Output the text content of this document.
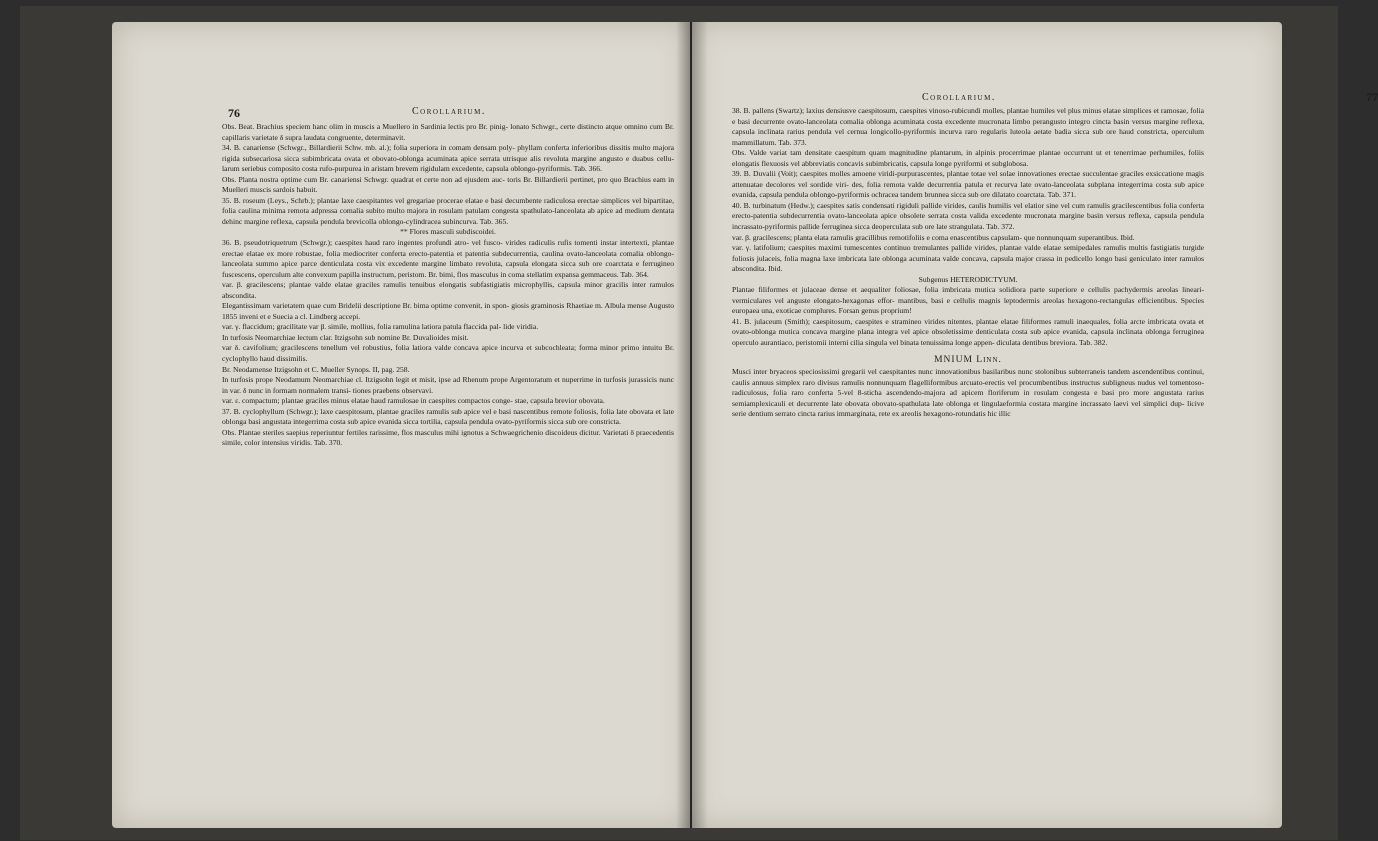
76	Corollarium.

Obs. Beat. Brachius speciem hanc olim in muscis a Muellero in Sardinia lectis pro Br. pinig- lonato Schwgr., certe distincto atque omnino cum Br. capillaris varietate δ supra laudata congruente, determinavit.

34. B. canariense (Schwgr., Billardierii Schw. mb. al.); folia superiora in comam densam poly- phyllam conferta inferioribus dissitis multo majora rigida subsecariosa sicca subimbricata ovata et obovato-oblonga acuminata apice serrata utrisque alis revoluta margine angusto e duabus cellu- larum seriebus composito costa rufo-purpurea in aristam brevem rigidulam excedente, capsula oblongo-pyriformis. Tab. 366.

Obs. Planta nostra optime cum Br. canariensi Schwgr. quadrat et certe non ad ejusdem auc- toris Br. Billardierii pertinet, pro quo Brachius eam in Muelleri muscis sardois habuit.

35. B. roseum (Leys., Schrb.); plantae laxe caespitantes vel gregariae procerae elatae e basi decumbente radiculosa erectae simplices vel bipartitae, folia caulina minima remota adpressa comalia subito multo majora in rosulam patulam congesta spathulato-lanceolata ab apice ad medium dentata dehinc margine reflexa, capsula pendula brevicolla oblongo-cylindracea subincurva. Tab. 365.

** Flores masculi subdiscoidei.

36. B. pseudotriquetrum (Schwgr.); caespites haud raro ingentes profundi atro- vel fusco- virides radiculis rufis tomenti instar intertexti, plantae erectae elatae ex more robustae, folia mediocriter conferta erecto-patentia et patentia subdecurrentia, caulina ovato-lanceolata comalia oblongo-lanceolata summo apice parce denticulata costa vix excedente margine limbato revoluta, capsula elongata sicca sub ore coarctata e ferrugineo fuscescens, operculum alte convexum papilla instructum, peristom. Br. bimi, flos masculus in coma stellatim expansa gemmaceus. Tab. 364.

var. β. gracilescens; plantae valde elatae graciles ramulis tenuibus elongatis subfastigiatis microphyllis, capsula minor gracilis inter ramulos abscondita.

Elegantissimam varietatem quae cum Bridelii descriptione Br. bima optime convenit, in spon- giosis graminosis Rhaetiae m. Albula mense Augusto 1855 inveni et e Suecia a cl. Lindberg accepi.

var. γ. flaccidum; gracilitate var β. simile, mollius, folia ramulina latiora patula flaccida pal- lide viridia.

In turfosis Neomarchiae lectum clar. Itzigsohn sub nomine Br. Duvalioides misit.

var δ. cavifolium; gracilescens tenellum vel robustius, folia latiora valde concava apice incurva et subcochleata; forma minor primo intuitu Br. cyclophyllo haud dissimilis.

Br. Neodamense Itzigsohn et C. Mueller Synops. II, pag. 258.

In turfosis prope Neodamum Neomarchiae cl. Itzigsohn legit et misit, ipse ad Rhenum prope Argentoratum et nuperrime in turfosis jurassicis nunc in var. δ nunc in formam normalem transi- tiones praebens observavi.

var. ε. compactum; plantae graciles minus elatae haud ramulosae in caespites compactos conge- stae, capsula brevior obovata.

37. B. cyclophyllum (Schwgr.); laxe caespitosum, plantae graciles ramulis sub apice vel e basi nascentibus remote foliosis, folia late obovata et late oblonga basi angustata integerrima costa sub apice evanida sicca tortilia, capsula pendula ovato-pyriformis sicca sub ore constricta.

Obs. Plantae steriles saepius reperiuntur fertiles rarissime, flos masculus mihi ignotus a Schwaegrichenio discoideus dicitur. Varietati δ praecedentis simile, color intensius viridis. Tab. 370.

Corollarium.	77

38. B. pallens (Swartz); laxius densiusve caespitosum, caespites vinoso-rubicundi molles, plantae humiles vel plus minus elatae simplices et ramosae, folia e basi decurrente ovato-lanceolata comalia oblonga acuminata costa excedente mucronata limbo perangusto integro cincta basin versus margine reflexa, capsula inclinata rarius pendula vel cernua longicollo-pyriformis incurva raro regularis luteola aetate badia sicca sub ore haud constricta, operculum mammillatum. Tab. 373.

Obs. Valde variat tam densitate caespitum quam magnitudine plantarum, in alpinis procerrimae plantae occurrunt ut et tenerrimae perhumiles, foliis elongatis flexuosis vel abbreviatis concavis subimbricatis, capsula longe pyriformi et subglobosa.

39. B. Duvalii (Voit); caespites molles amoene viridi-purpurascentes, plantae totae vel solae innovationes erectae succulentae graciles exsiccatione magis attenuatae decolores vel sordide viri- des, folia remota valde decurrentia patula et recurva late ovato-lanceolata subplana integerrima costa sub apice evanida, capsula pendula oblongo-pyriformis ochracea tandem brunnea sicca sub ore dilatato coarctata. Tab. 371.

40. B. turbinatum (Hedw.); caespites satis condensati rigiduli pallide virides, caulis humilis vel elatior sine vel cum ramulis gracilescentibus folia conferta erecto-patentia subdecurrentia ovato-lanceolata apice obsolete serrata costa valida excedente mucronata margine basin versus reflexa, capsula pendula incrassato-pyriformis pallide ferruginea sicca deoperculata sub ore late strangulata. Tab. 372.

var. β. gracilescens; planta elata ramulis gracillibus remotifoliis e coma enascentibus capsulam- que nonnunquam superantibus. Ibid.

var. γ. latifolium; caespites maximi tumescentes continuo tremulantes pallide virides, plantae valde elatae semipedales ramulis multis fastigiatis turgide foliosis julaceis, folia magna laxe imbricata late oblonga acuminata valde concava, capsula major crassa in pedicello longo basi geniculato inter ramulos abscondita. Ibid.

Subgenus HETERODICTYUM.

Plantae filiformes et julaceae dense et aequaliter foliosae, folia imbricata mutica solidiora parte superiore e cellulis pachydermis areolas lineari-vermiculares vel anguste elongato-hexagonas effor- mantibus, basi e cellulis magnis leptodermis areolas hexagono-rectangulas efficientibus. Species europaea una, exoticae complures. Forsan genus proprium!

41. B. julaceum (Smith); caespitosum, caespites e stramineo virides nitentes, plantae elatae filiformes ramuli inaequales, folia arcte imbricata ovata et ovato-oblonga mutica concava margine plana integra vel apice obsoletissime denticulata costa sub apice evanida, capsula inclinata oblonga ferruginea operculo aurantiaco, peristomii interni cilia singula vel binata tenuissima longe appen- diculata dentibus breviora. Tab. 382.

MNIUM Linn.

Musci inter bryaceos speciosissimi gregarii vel caespitantes nunc innovationibus basilaribus nunc stolonibus subterraneis tandem ascendentibus continui, caulis annuus simplex raro divisus ramulis nonnunquam flagelliformibus arcuato-erectis vel procumbentibus instructus subligneus nudus vel tomentoso-radiculosus, folia raro conferta 5-vel 8-sticha ascendendo-majora ad apicem floriferum in rosulam congesta e basi pro more angustata rarius semiamplexicauli et decurrente late obovata obovato-spathulata late oblonga et lingulaeformia costata margine incrassato laevi vel simplici dup- licive serie dentium serrato cincta rarius immarginata, rete ex areolis hexagono-rotundatis hic illic
